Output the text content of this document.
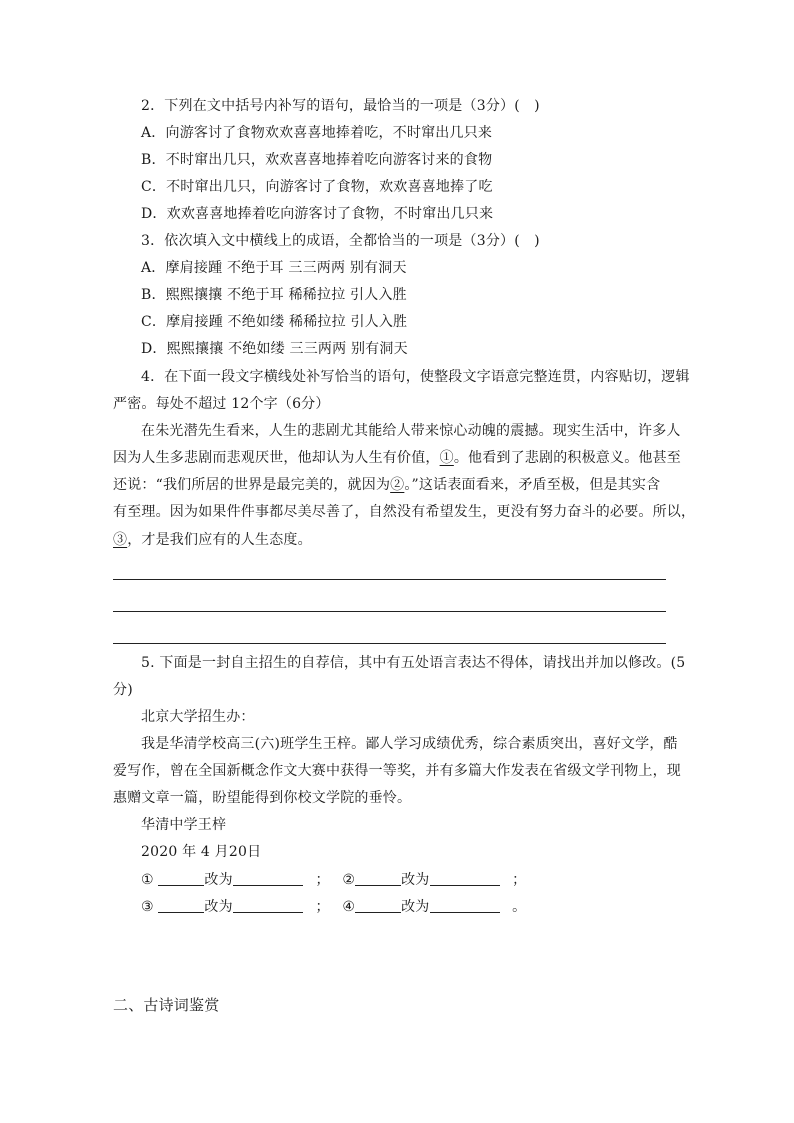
2．下列在文中括号内补写的语句，最恰当的一项是（3分）(　)
A．向游客讨了食物欢欢喜喜地捧着吃，不时窜出几只来
B．不时窜出几只，欢欢喜喜地捧着吃向游客讨来的食物
C．不时窜出几只，向游客讨了食物，欢欢喜喜地捧了吃
D．欢欢喜喜地捧着吃向游客讨了食物，不时窜出几只来
3．依次填入文中横线上的成语，全都恰当的一项是（3分）(　)
A．摩肩接踵 不绝于耳 三三两两 别有洞天
B．熙熙攘攘 不绝于耳 稀稀拉拉 引人入胜
C．摩肩接踵 不绝如缕 稀稀拉拉 引人入胜
D．熙熙攘攘 不绝如缕 三三两两 别有洞天
4．在下面一段文字横线处补写恰当的语句，使整段文字语意完整连贯，内容贴切，逻辑
严密。每处不超过 12个字（6分）
在朱光潜先生看来，人生的悲剧尤其能给人带来惊心动魄的震撼。现实生活中，许多人
因为人生多悲剧而悲观厌世，他却认为人生有价值，①。他看到了悲剧的积极意义。他甚至
还说：“我们所居的世界是最完美的，就因为②。”这话表面看来，矛盾至极，但是其实含
有至理。因为如果件件事都尽美尽善了，自然没有希望发生，更没有努力奋斗的必要。所以，
③，才是我们应有的人生态度。
5. 下面是一封自主招生的自荐信，其中有五处语言表达不得体，请找出并加以修改。(5
分)
北京大学招生办：
我是华清学校高三(六)班学生王梓。鄙人学习成绩优秀，综合素质突出，喜好文学，酷
爱写作，曾在全国新概念作文大赛中获得一等奖，并有多篇大作发表在省级文学刊物上，现
惠赠文章一篇，盼望能得到你校文学院的垂怜。
华清中学王梓
2020 年 4 月20日
①	改为	； ②	改为	；
③	改为	； ④	改为	。
二、古诗词鉴赏
